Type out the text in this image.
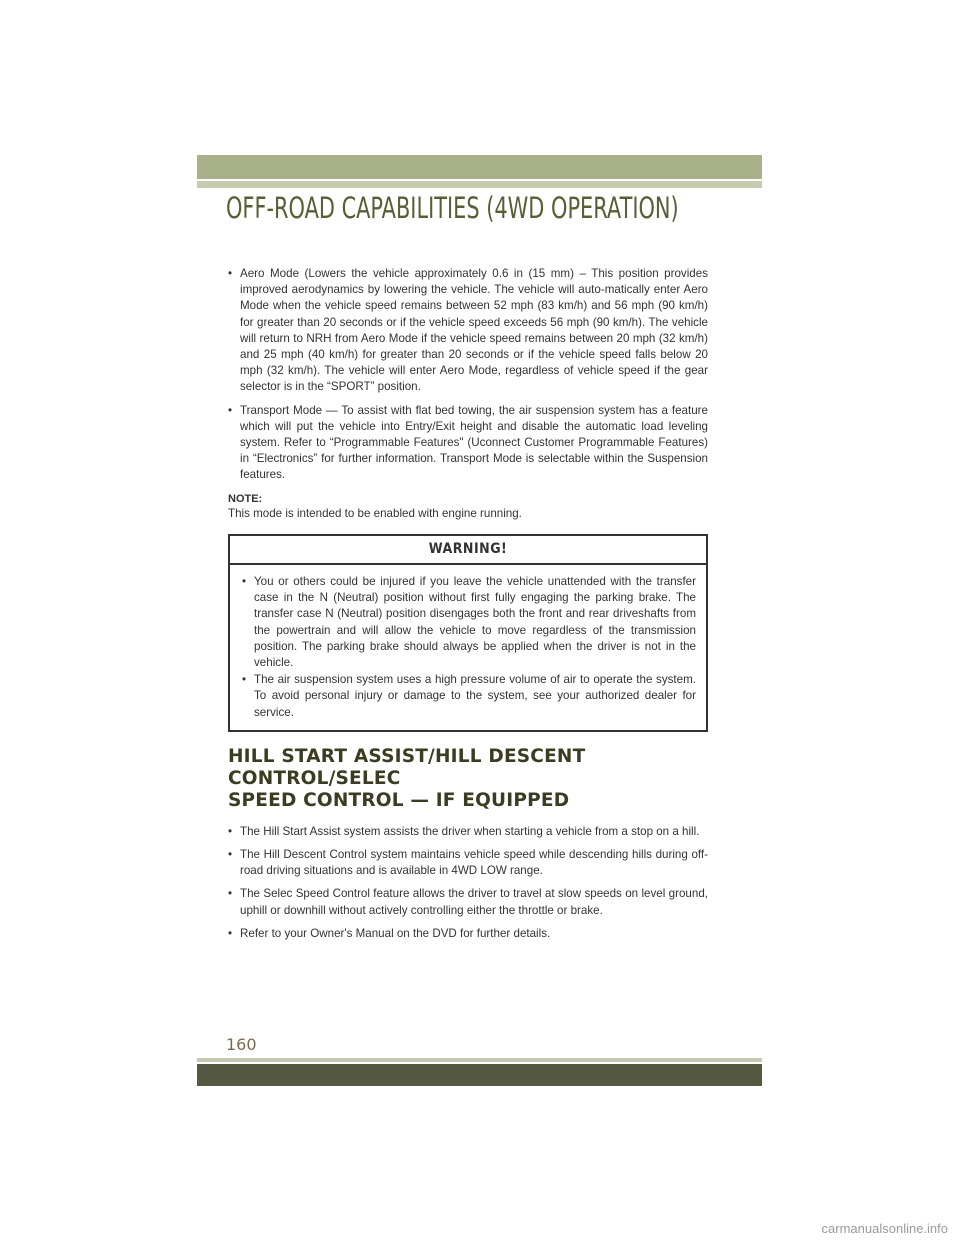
OFF-ROAD CAPABILITIES (4WD OPERATION)
• Aero Mode (Lowers the vehicle approximately 0.6 in (15 mm) – This position provides improved aerodynamics by lowering the vehicle. The vehicle will auto-matically enter Aero Mode when the vehicle speed remains between 52 mph (83 km/h) and 56 mph (90 km/h) for greater than 20 seconds or if the vehicle speed exceeds 56 mph (90 km/h). The vehicle will return to NRH from Aero Mode if the vehicle speed remains between 20 mph (32 km/h) and 25 mph (40 km/h) for greater than 20 seconds or if the vehicle speed falls below 20 mph (32 km/h). The vehicle will enter Aero Mode, regardless of vehicle speed if the gear selector is in the “SPORT” position.
• Transport Mode — To assist with flat bed towing, the air suspension system has a feature which will put the vehicle into Entry/Exit height and disable the automatic load leveling system. Refer to “Programmable Features" (Uconnect Customer Programmable Features) in “Electronics” for further information. Transport Mode is selectable within the Suspension features.
NOTE:
This mode is intended to be enabled with engine running.
WARNING!
• You or others could be injured if you leave the vehicle unattended with the transfer case in the N (Neutral) position without first fully engaging the parking brake. The transfer case N (Neutral) position disengages both the front and rear driveshafts from the powertrain and will allow the vehicle to move regardless of the transmission position. The parking brake should always be applied when the driver is not in the vehicle.
• The air suspension system uses a high pressure volume of air to operate the system. To avoid personal injury or damage to the system, see your authorized dealer for service.
HILL START ASSIST/HILL DESCENT CONTROL/SELEC
SPEED CONTROL — IF EQUIPPED
• The Hill Start Assist system assists the driver when starting a vehicle from a stop on a hill.
• The Hill Descent Control system maintains vehicle speed while descending hills during off-road driving situations and is available in 4WD LOW range.
• The Selec Speed Control feature allows the driver to travel at slow speeds on level ground, uphill or downhill without actively controlling either the throttle or brake.
• Refer to your Owner's Manual on the DVD for further details.
160
carmanualsonline.info
